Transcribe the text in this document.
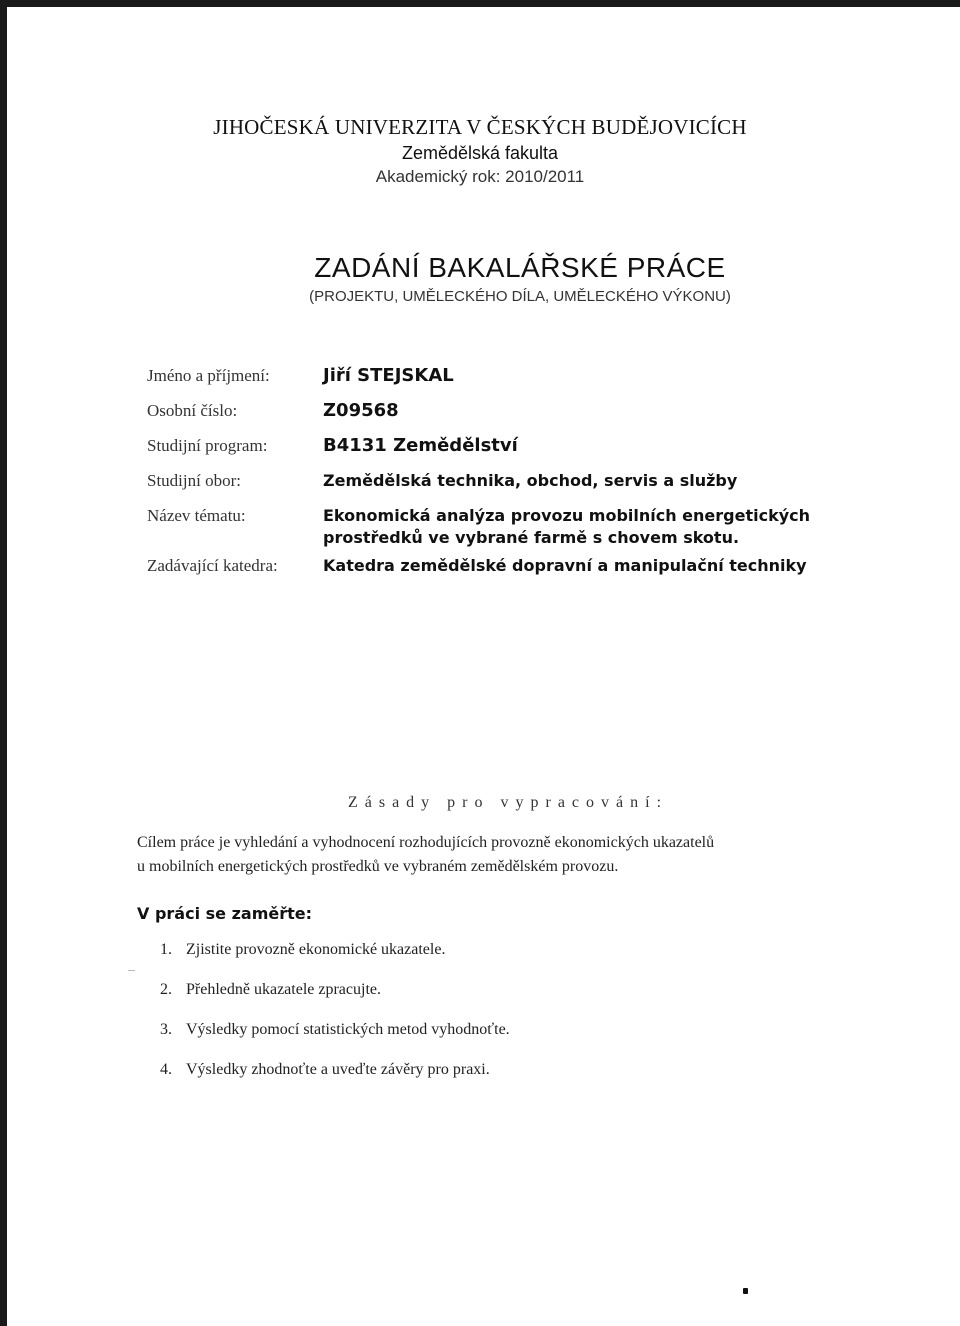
JIHOČESKÁ UNIVERZITA V ČESKÝCH BUDĚJOVICÍCH
Zemědělská fakulta
Akademický rok: 2010/2011
ZADÁNÍ BAKALÁŘSKÉ PRÁCE
(PROJEKTU, UMĚLECKÉHO DÍLA, UMĚLECKÉHO VÝKONU)
Jméno a příjmení:	Jiří STEJSKAL
Osobní číslo:	Z09568
Studijní program:	B4131 Zemědělství
Studijní obor:	Zemědělská technika, obchod, servis a služby
Název tématu:	Ekonomická analýza provozu mobilních energetických
prostředků ve vybrané farmě s chovem skotu.
Zadávající katedra:	Katedra zemědělské dopravní a manipulační techniky
Zásady pro vypracování:
Cílem práce je vyhledání a vyhodnocení rozhodujících provozně ekonomických ukazatelů
u mobilních energetických prostředků ve vybraném zemědělském provozu.
V práci se zaměřte:
1. Zjistite provozně ekonomické ukazatele.
2. Přehledně ukazatele zpracujte.
3. Výsledky pomocí statistických metod vyhodnoťte.
4. Výsledky zhodnoťte a uveďte závěry pro praxi.
